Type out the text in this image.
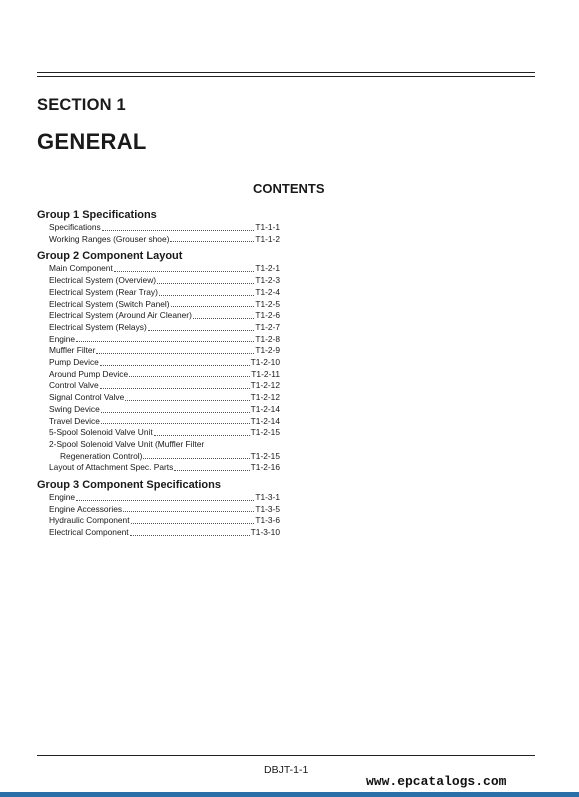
SECTION 1
GENERAL
CONTENTS
Group 1 Specifications
Specifications	T1-1-1
Working Ranges (Grouser shoe)	T1-1-2
Group 2 Component Layout
Main Component	T1-2-1
Electrical System (Overview)	T1-2-3
Electrical System (Rear Tray)	T1-2-4
Electrical System (Switch Panel)	T1-2-5
Electrical System (Around Air Cleaner)	T1-2-6
Electrical System (Relays)	T1-2-7
Engine	T1-2-8
Muffler Filter	T1-2-9
Pump Device	T1-2-10
Around Pump Device	T1-2-11
Control Valve	T1-2-12
Signal Control Valve	T1-2-12
Swing Device	T1-2-14
Travel Device	T1-2-14
5-Spool Solenoid Valve Unit	T1-2-15
2-Spool Solenoid Valve Unit (Muffler Filter
Regeneration Control)	T1-2-15
Layout of Attachment Spec. Parts	T1-2-16
Group 3 Component Specifications
Engine	T1-3-1
Engine Accessories	T1-3-5
Hydraulic Component	T1-3-6
Electrical Component	T1-3-10
DBJT-1-1
www.epcatalogs.com
